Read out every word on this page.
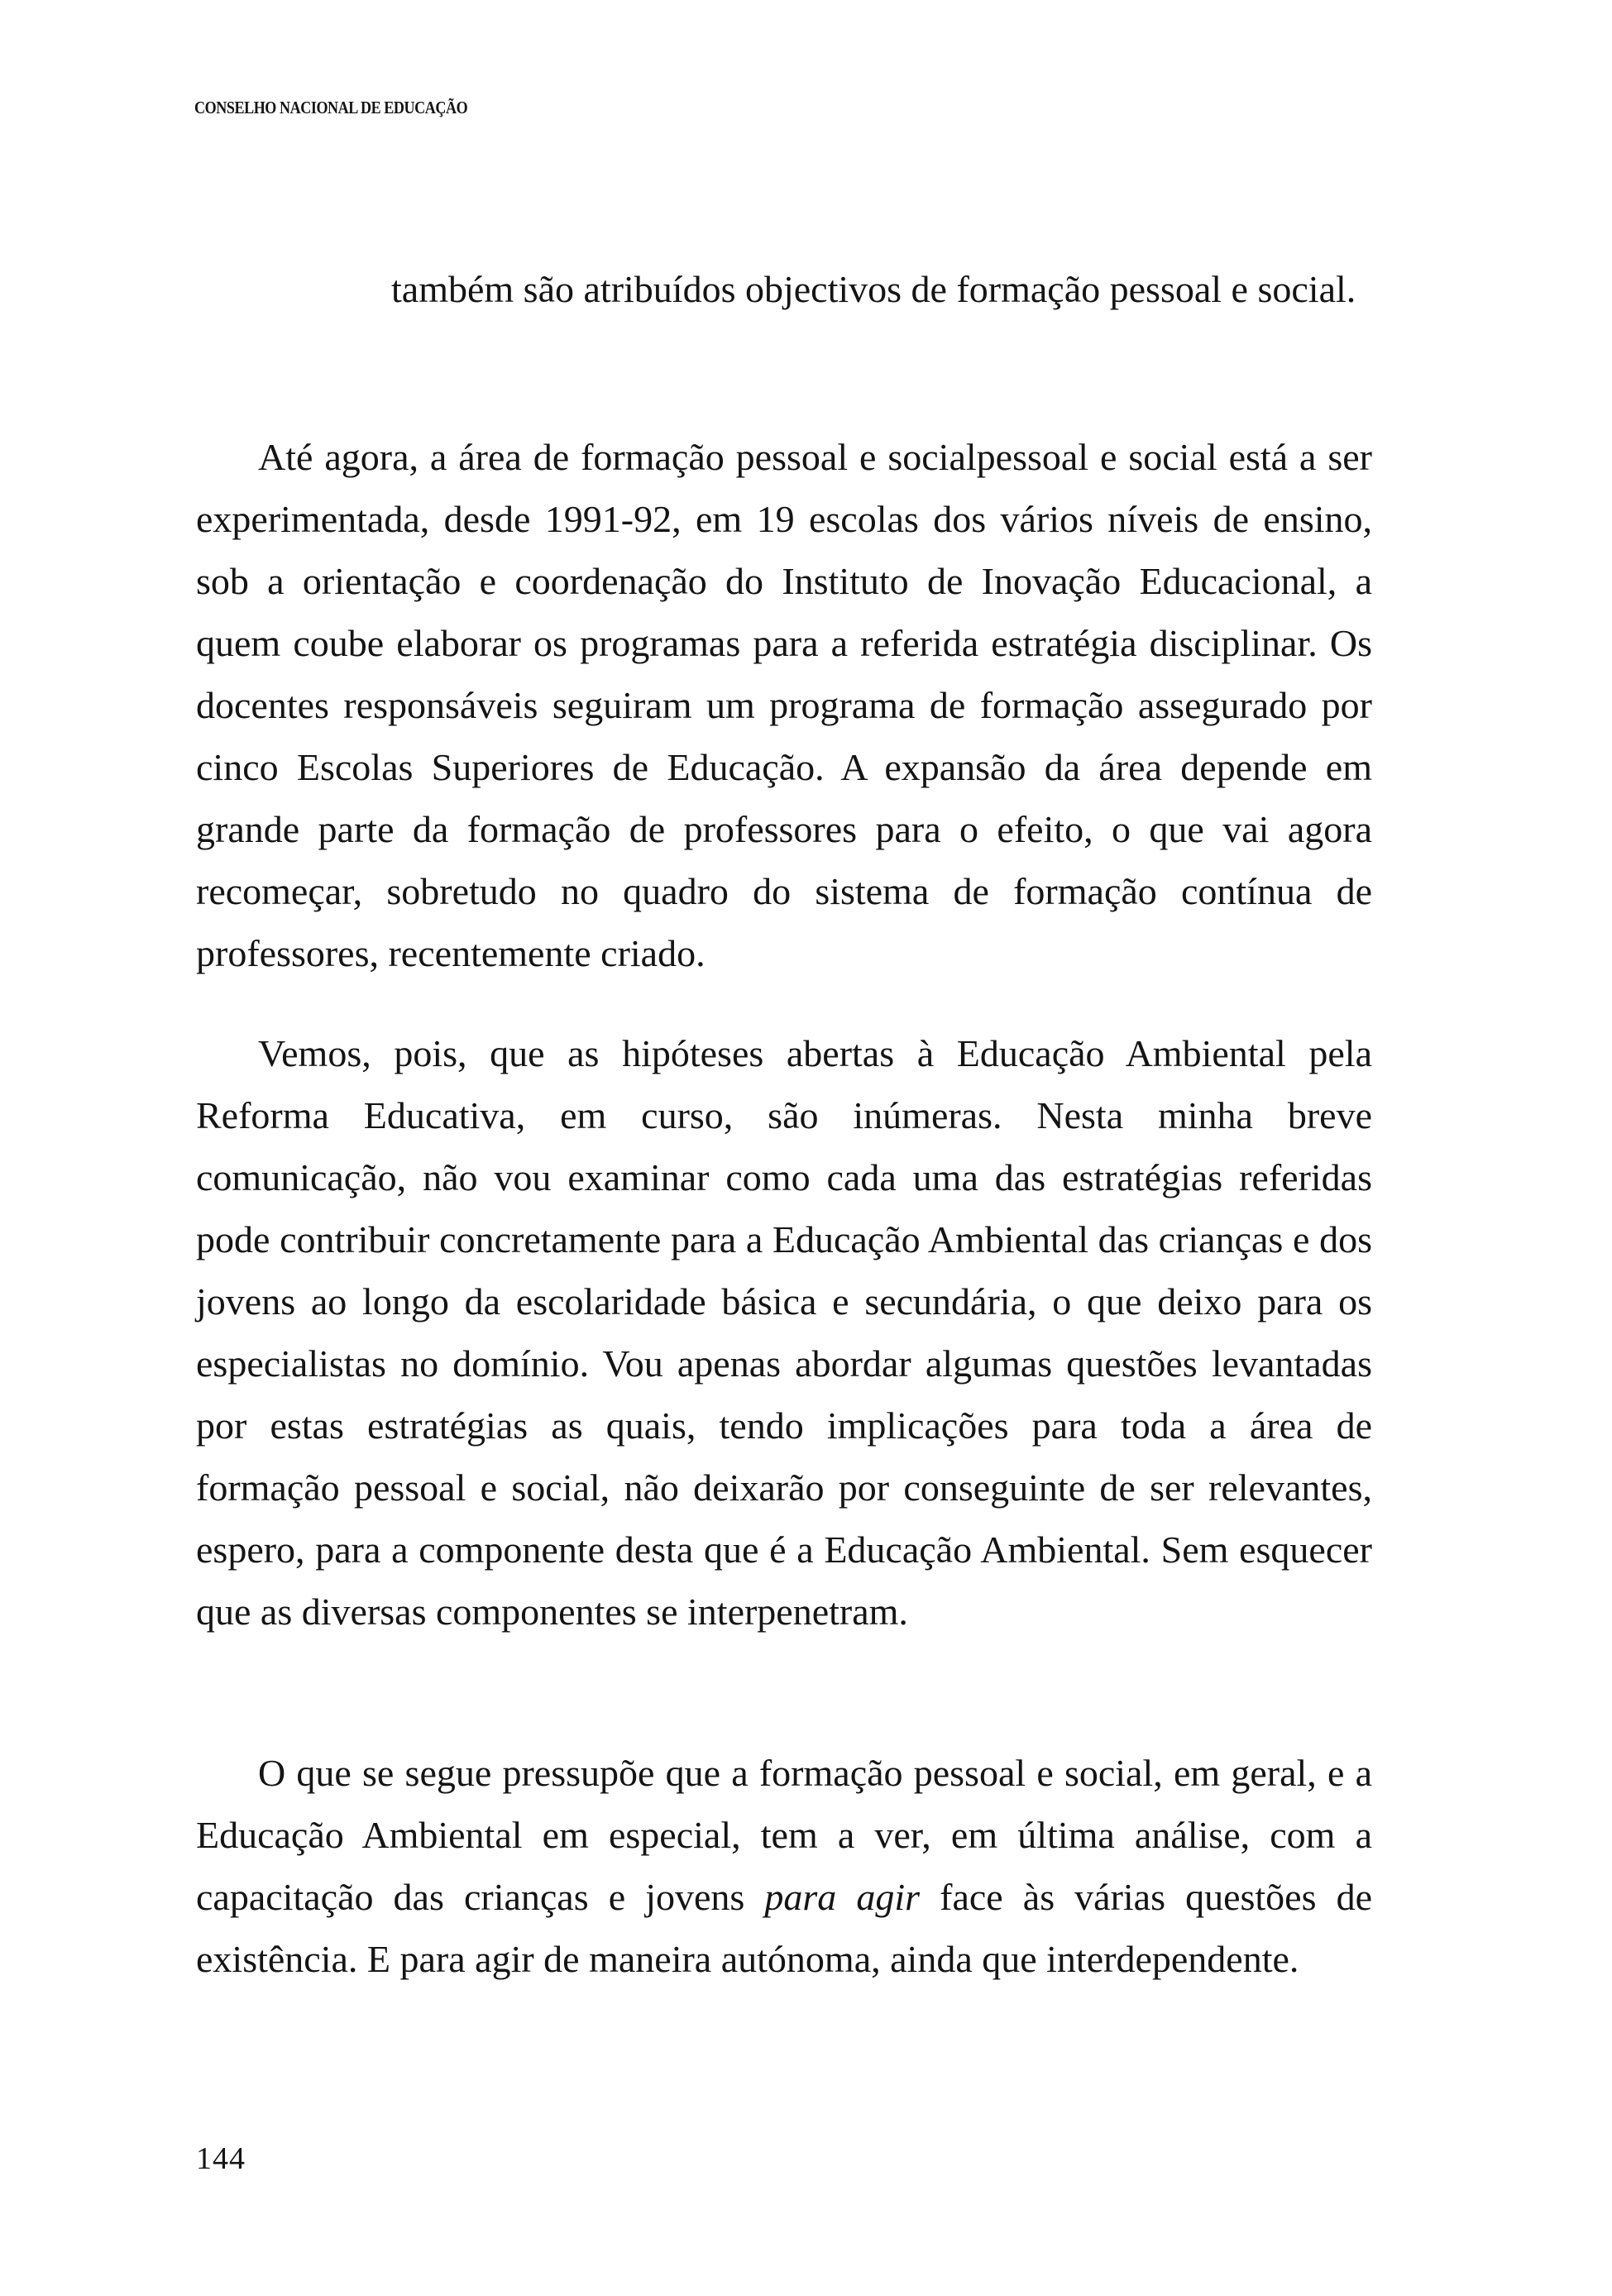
CONSELHO NACIONAL DE EDUCAÇÃO

também são atribuídos objectivos de formação pessoal e social.

Até agora, a área de formação pessoal e socialpessoal e social está a ser experimentada, desde 1991-92, em 19 escolas dos vários níveis de ensino, sob a orientação e coordenação do Instituto de Inovação Educacional, a quem coube elaborar os programas para a referida estratégia disciplinar. Os docentes responsáveis seguiram um programa de formação assegurado por cinco Escolas Superiores de Educação. A expansão da área depende em grande parte da formação de professores para o efeito, o que vai agora recomeçar, sobretudo no quadro do sistema de formação contínua de professores, recentemente criado.

Vemos, pois, que as hipóteses abertas à Educação Ambiental pela Reforma Educativa, em curso, são inúmeras. Nesta minha breve comunicação, não vou examinar como cada uma das estratégias referidas pode contribuir concretamente para a Educação Ambiental das crianças e dos jovens ao longo da escolaridade básica e secundária, o que deixo para os especialistas no domínio. Vou apenas abordar algumas questões levantadas por estas estratégias as quais, tendo implicações para toda a área de formação pessoal e social, não deixarão por conseguinte de ser relevantes, espero, para a componente desta que é a Educação Ambiental. Sem esquecer que as diversas componentes se interpenetram.

O que se segue pressupõe que a formação pessoal e social, em geral, e a Educação Ambiental em especial, tem a ver, em última análise, com a capacitação das crianças e jovens para agir face às várias questões de existência. E para agir de maneira autónoma, ainda que interdependente.

144
